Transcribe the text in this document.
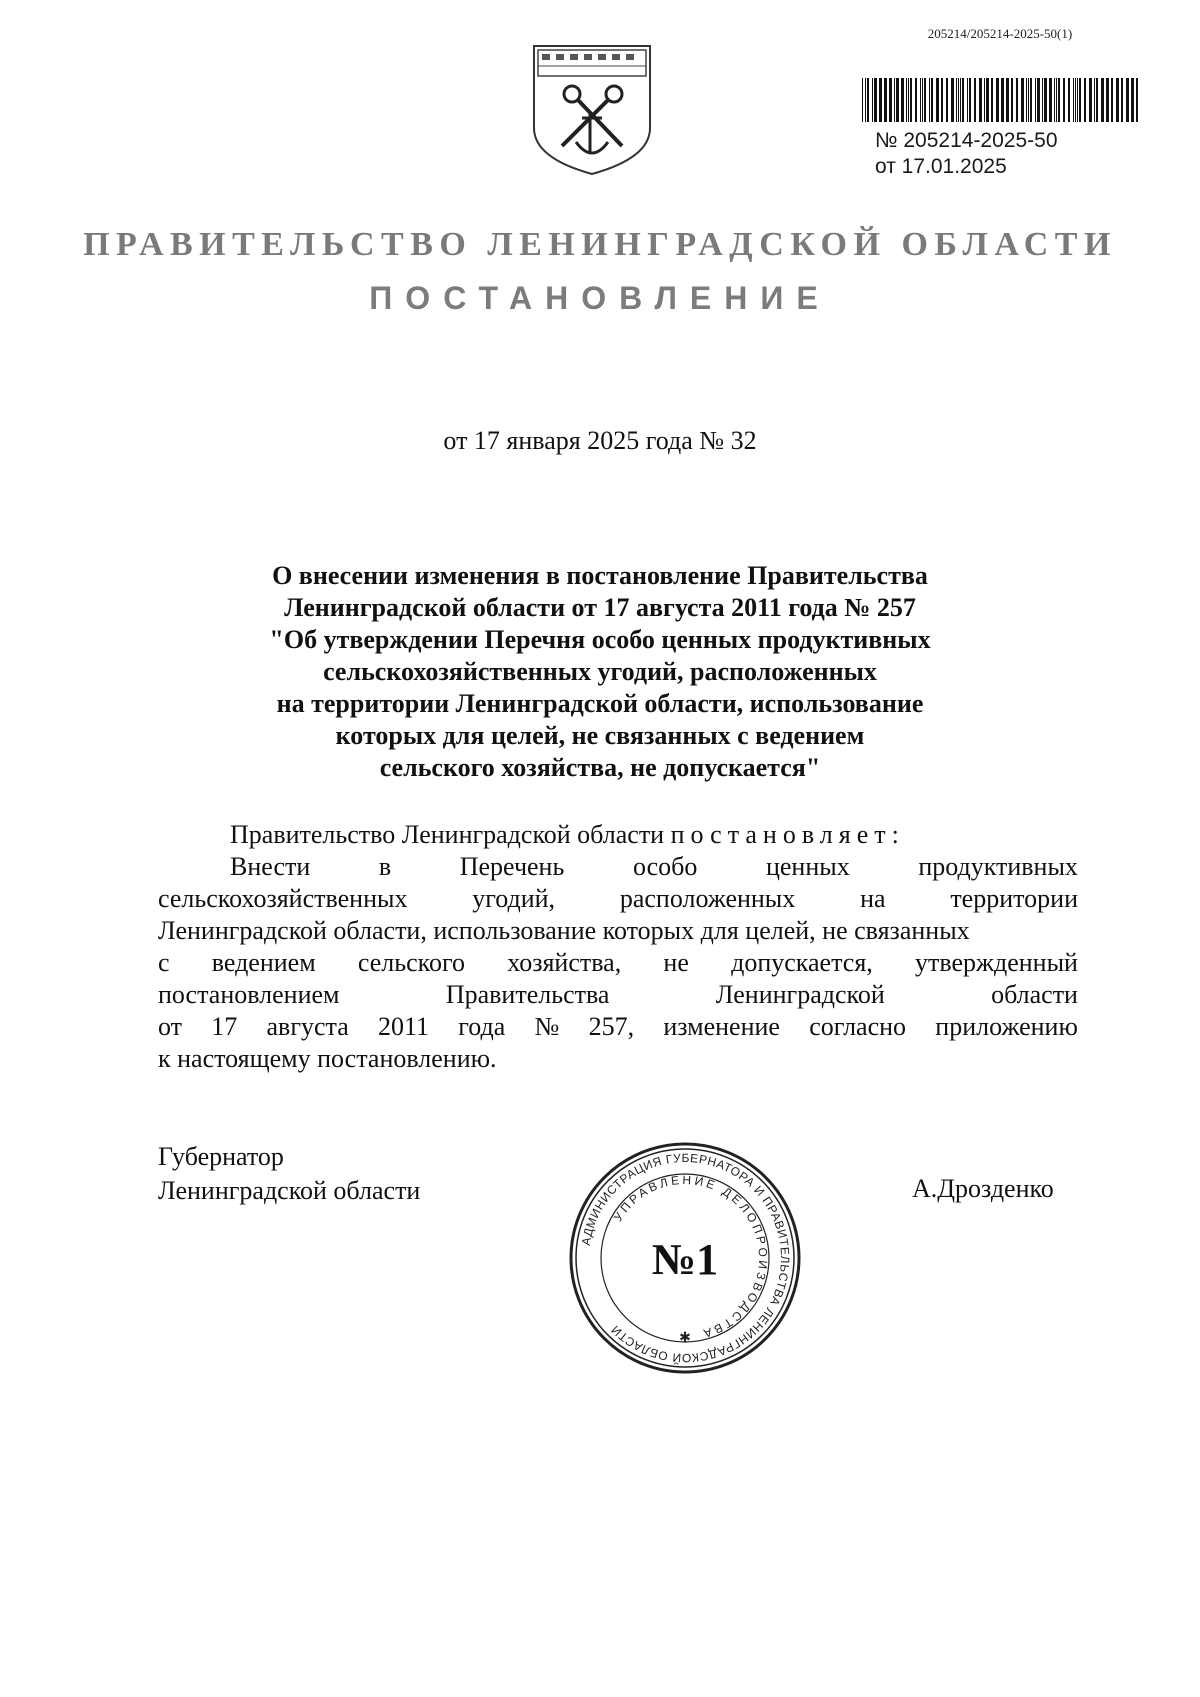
205214/205214-2025-50(1)
№ 205214-2025-50
от 17.01.2025
ПРАВИТЕЛЬСТВО ЛЕНИНГРАДСКОЙ ОБЛАСТИ
ПОСТАНОВЛЕНИЕ
от 17 января 2025 года № 32
О внесении изменения в постановление Правительства
Ленинградской области от 17 августа 2011 года № 257
"Об утверждении Перечня особо ценных продуктивных
сельскохозяйственных угодий, расположенных
на территории Ленинградской области, использование
которых для целей, не связанных с ведением
сельского хозяйства, не допускается"
Правительство Ленинградской области постановляет:
Внести	в	Перечень	особо	ценных	продуктивных
сельскохозяйственных угодий, расположенных на территории
Ленинградской области, использование которых для целей, не связанных
с ведением сельского хозяйства, не допускается, утвержденный
постановлением	Правительства	Ленинградской	области
от 17 августа 2011 года № 257, изменение согласно приложению
к настоящему постановлению.
Губернатор
Ленинградской области
АДМИНИСТРАЦИЯ ГУБЕРНАТОРА И ПРАВИТЕЛЬСТВА ЛЕНИНГРАДСКОЙ ОБЛАСТИ
УПРАВЛЕНИЕ ДЕЛОПРОИЗВОДСТВА
№1
✱
А.Дрозденко
